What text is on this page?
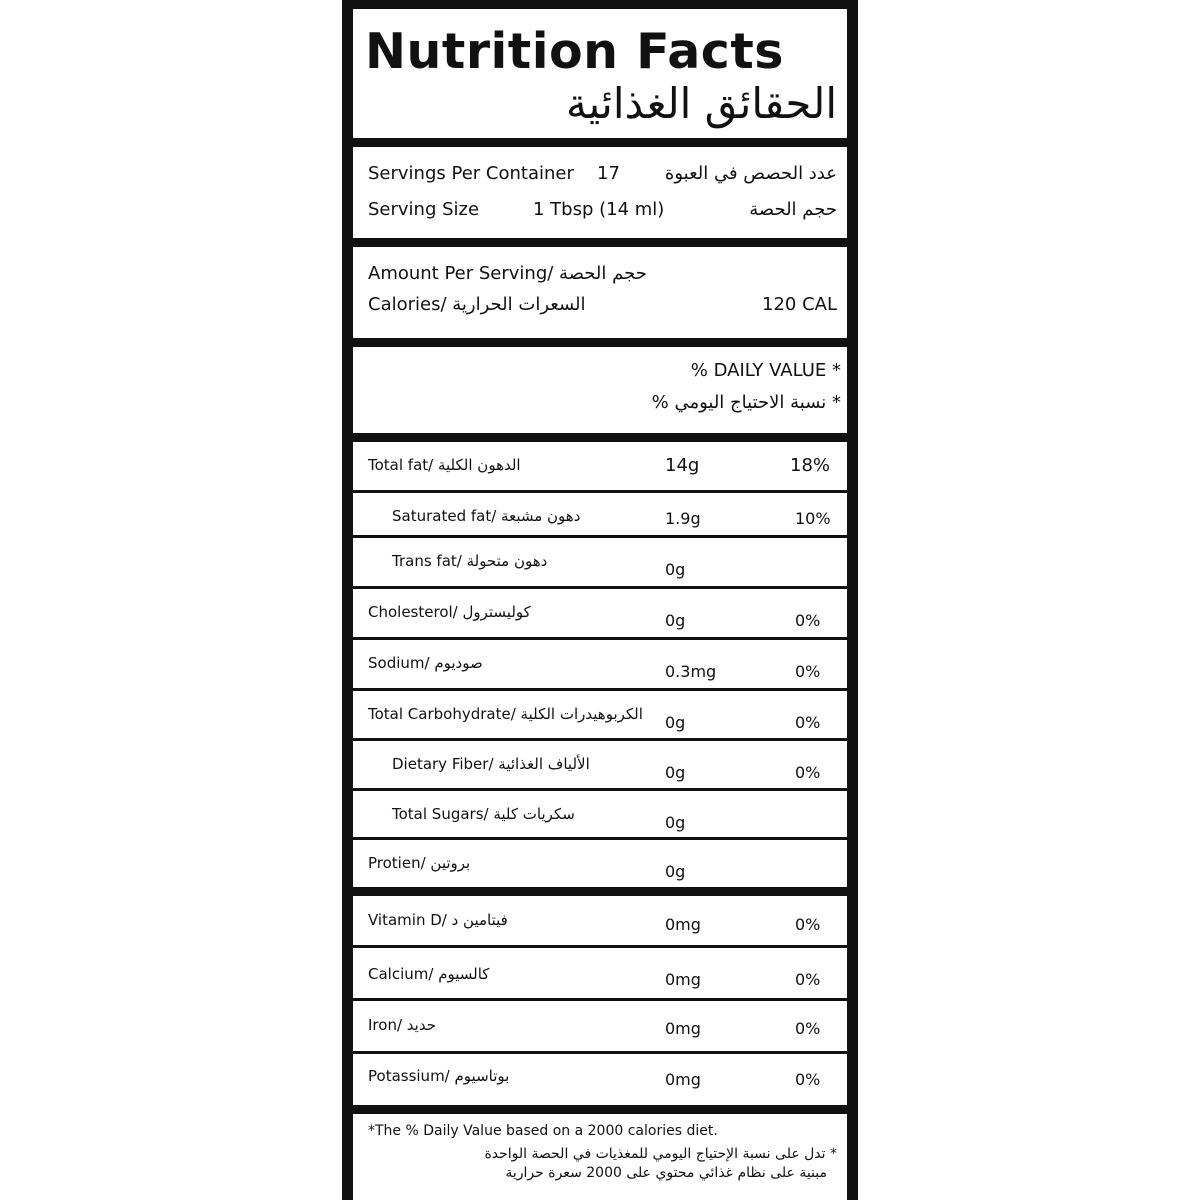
Nutrition Facts
الحقائق الغذائية
Servings Per Container 17	عدد الحصص في العبوة
Serving Size	1 Tbsp (14 ml)	حجم الحصة
Amount Per Serving/ حجم الحصة
Calories/ السعرات الحرارية	120 CAL
% DAILY VALUE *
* نسبة الاحتياج اليومي %
Total fat/ الدهون الكلية	14g	18%
Saturated fat/ دهون مشبعة	1.9g	10%
Trans fat/ دهون متحولة	0g
Cholesterol/ كوليسترول	0g	0%
Sodium/ صوديوم	0.3mg	0%
Total Carbohydrate/ الكربوهيدرات الكلية 0g	0%
Dietary Fiber/ الألياف الغذائية	0g	0%
Total Sugars/ سكريات كلية	0g
Protien/ بروتين	0g
Vitamin D/ فيتامين د	0mg	0%
Calcium/ كالسيوم	0mg	0%
Iron/ حديد	0mg	0%
Potassium/ بوتاسيوم	0mg	0%
*The % Daily Value based on a 2000 calories diet.
* تدل على نسبة الإحتياج اليومي للمغذيات في الحصة الواحدة
مبنية على نظام غذائي محتوي على 2000 سعرة حرارية
